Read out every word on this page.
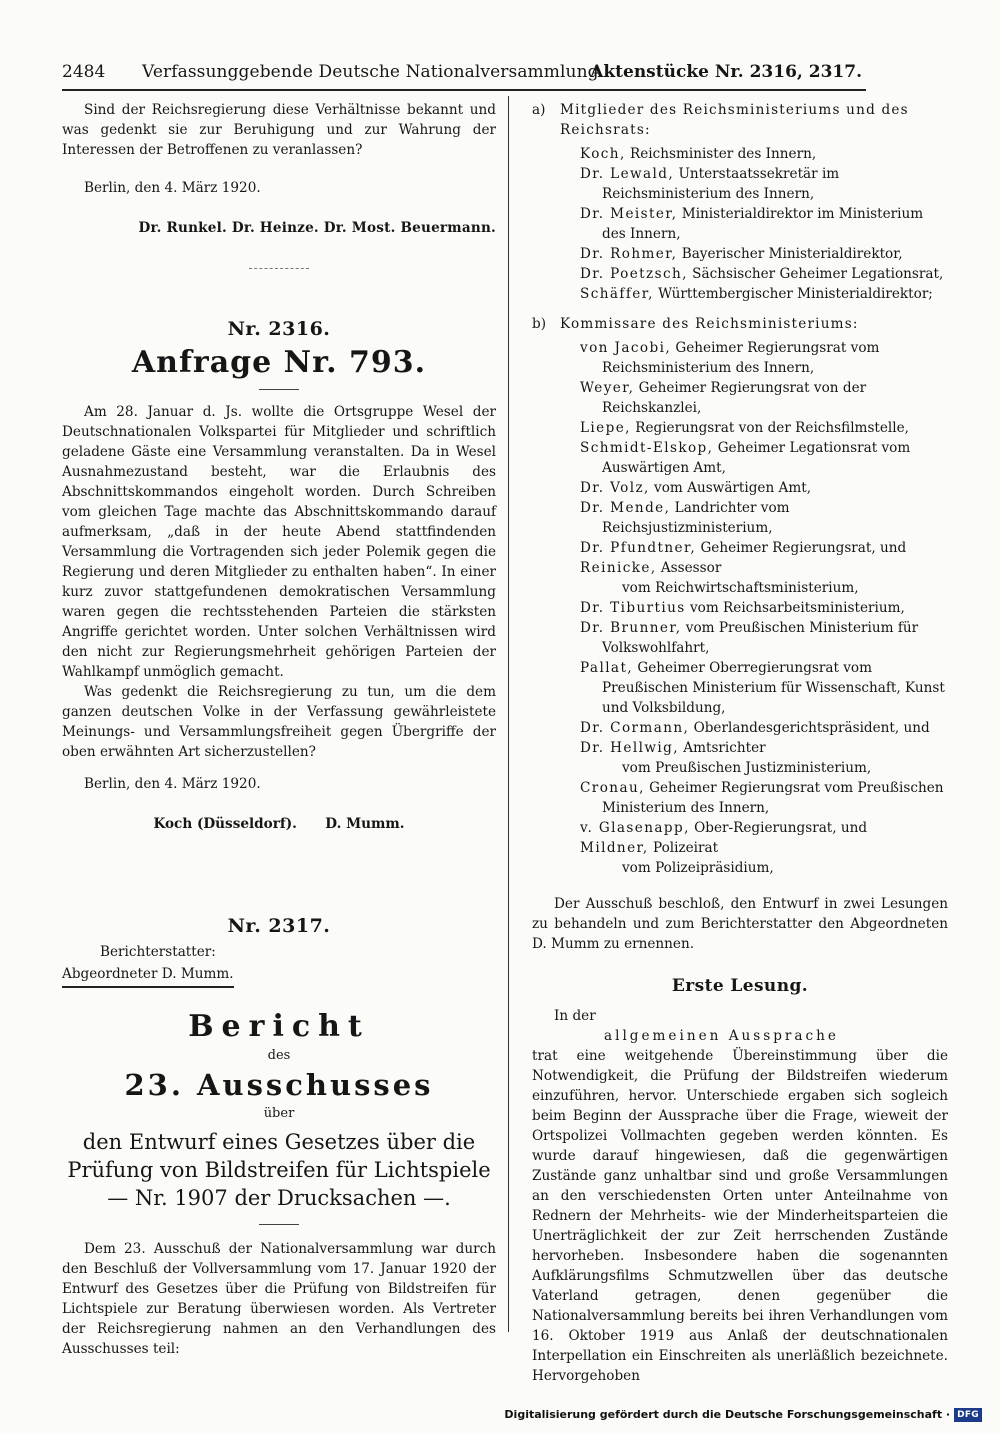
2484 Verfassunggebende Deutsche Nationalversammlung.
Aktenstücke Nr. 2316, 2317.

Sind der Reichsregierung diese Verhältnisse bekannt und was gedenkt sie zur Beruhigung und zur Wahrung der Interessen der Betroffenen zu veranlassen?

Berlin, den 4. März 1920.

Dr. Runkel. Dr. Heinze. Dr. Most. Beuermann.

Nr. 2316.

Anfrage Nr. 793.

Am 28. Januar d. Js. wollte die Ortsgruppe Wesel der Deutschnationalen Volkspartei für Mitglieder und schriftlich geladene Gäste eine Versammlung veranstalten. Da in Wesel Ausnahmezustand besteht, war die Erlaubnis des Abschnittskommandos eingeholt worden. Durch Schreiben vom gleichen Tage machte das Abschnittskommando darauf aufmerksam, „daß in der heute Abend stattfindenden Versammlung die Vortragenden sich jeder Polemik gegen die Regierung und deren Mitglieder zu enthalten haben“. In einer kurz zuvor stattgefundenen demokratischen Versammlung waren gegen die rechtsstehenden Parteien die stärksten Angriffe gerichtet worden. Unter solchen Verhältnissen wird den nicht zur Regierungsmehrheit gehörigen Parteien der Wahlkampf unmöglich gemacht.

Was gedenkt die Reichsregierung zu tun, um die dem ganzen deutschen Volke in der Verfassung gewährleistete Meinungs- und Versammlungsfreiheit gegen Übergriffe der oben erwähnten Art sicherzustellen?

Berlin, den 4. März 1920.

Koch (Düsseldorf).      D. Mumm.

Nr. 2317.

Berichterstatter:

Abgeordneter D. Mumm.

Bericht

des

23. Ausschusses

über

den Entwurf eines Gesetzes über die Prüfung von Bildstreifen für Lichtspiele — Nr. 1907 der Drucksachen —.

Dem 23. Ausschuß der Nationalversammlung war durch den Beschluß der Vollversammlung vom 17. Januar 1920 der Entwurf des Gesetzes über die Prüfung von Bildstreifen für Lichtspiele zur Beratung überwiesen worden. Als Vertreter der Reichsregierung nahmen an den Verhandlungen des Ausschusses teil:

a)	Mitglieder des Reichsministeriums und des Reichsrats:

Koch, Reichsminister des Innern,

Dr. Lewald, Unterstaatssekretär im Reichsministerium des Innern,

Dr. Meister, Ministerialdirektor im Ministerium des Innern,

Dr. Rohmer, Bayerischer Ministerialdirektor,

Dr. Poetzsch, Sächsischer Geheimer Legationsrat,

Schäffer, Württembergischer Ministerialdirektor;

b)	Kommissare des Reichsministeriums:

von Jacobi, Geheimer Regierungsrat vom Reichsministerium des Innern,

Weyer, Geheimer Regierungsrat von der Reichskanzlei,

Liepe, Regierungsrat von der Reichsfilmstelle,

Schmidt-Elskop, Geheimer Legationsrat vom Auswärtigen Amt,

Dr. Volz, vom Auswärtigen Amt,

Dr. Mende, Landrichter vom Reichsjustizministerium,

Dr. Pfundtner, Geheimer Regierungsrat, und

Reinicke, Assessor

vom Reichwirtschaftsministerium,

Dr. Tiburtius vom Reichsarbeitsministerium,

Dr. Brunner, vom Preußischen Ministerium für Volkswohlfahrt,

Pallat, Geheimer Oberregierungsrat vom Preußischen Ministerium für Wissenschaft, Kunst und Volksbildung,

Dr. Cormann, Oberlandesgerichtspräsident, und

Dr. Hellwig, Amtsrichter

vom Preußischen Justizministerium,

Cronau, Geheimer Regierungsrat vom Preußischen Ministerium des Innern,

v. Glasenapp, Ober-Regierungsrat, und

Mildner, Polizeirat

vom Polizeipräsidium,

Der Ausschuß beschloß, den Entwurf in zwei Lesungen zu behandeln und zum Berichterstatter den Abgeordneten D. Mumm zu ernennen.

Erste Lesung.

In der

allgemeinen Aussprache

trat eine weitgehende Übereinstimmung über die Notwendigkeit, die Prüfung der Bildstreifen wiederum einzuführen, hervor. Unterschiede ergaben sich sogleich beim Beginn der Aussprache über die Frage, wieweit der Ortspolizei Vollmachten gegeben werden könnten. Es wurde darauf hingewiesen, daß die gegenwärtigen Zustände ganz unhaltbar sind und große Versammlungen an den verschiedensten Orten unter Anteilnahme von Rednern der Mehrheits- wie der Minderheitsparteien die Unerträglichkeit der zur Zeit herrschenden Zustände hervorheben. Insbesondere haben die sogenannten Aufklärungsfilms Schmutzwellen über das deutsche Vaterland getragen, denen gegenüber die Nationalversammlung bereits bei ihren Verhandlungen vom 16. Oktober 1919 aus Anlaß der deutschnationalen Interpellation ein Einschreiten als unerläßlich bezeichnete. Hervorgehoben

Digitalisierung gefördert durch die Deutsche Forschungsgemeinschaft · DFG
